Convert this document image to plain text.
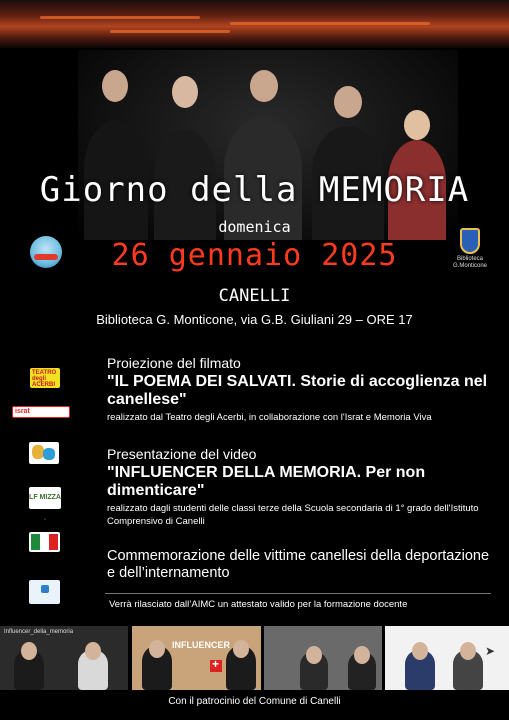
Giorno della MEMORIA
domenica
26 gennaio 2025
CANELLI
Biblioteca G. Monticone, via G.B. Giuliani 29 – ORE 17
Biblioteca
G.Monticone
TEATRO degli ACERBI
israt
LF MIZZA -
Proiezione del filmato
"IL POEMA DEI SALVATI. Storie di accoglienza nel canellese"
realizzato dal Teatro degli Acerbi, in collaborazione con l'Israt e Memoria Viva
Presentazione del video
"INFLUENCER DELLA MEMORIA. Per non dimenticare"
realizzato dagli studenti delle classi terze della Scuola secondaria di 1° grado dell'Istituto Comprensivo di Canelli
Commemorazione delle vittime canellesi della deportazione e dell’internamento
Verrà rilasciato dall’AIMC un attestato valido per la formazione docente
Influencer_della_memoria
INFLUENCER
+	➤
Con il patrocinio del Comune di Canelli
